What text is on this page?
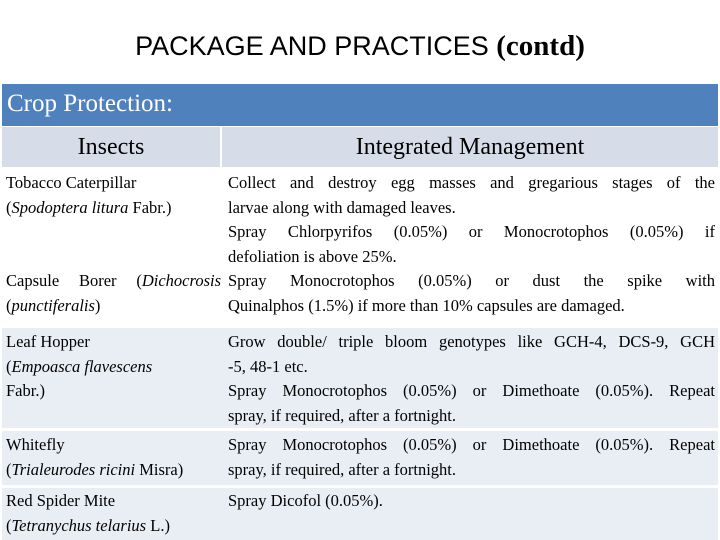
PACKAGE AND PRACTICES (contd)
Crop Protection:
Insects	Integrated Management
Tobacco Caterpillar
(Spodoptera litura Fabr.)
Collect and destroy egg masses and gregarious stages of the
larvae along with damaged leaves.
Spray Chlorpyrifos (0.05%) or Monocrotophos (0.05%) if
defoliation is above 25%.
Capsule Borer (Dichocrosis
(punctiferalis)
Spray Monocrotophos (0.05%) or dust the spike with
Quinalphos (1.5%) if more than 10% capsules are damaged.
Leaf Hopper
(Empoasca flavescens
Fabr.)
Grow double/ triple bloom genotypes like GCH-4, DCS-9, GCH
-5, 48-1 etc.
Spray Monocrotophos (0.05%) or Dimethoate (0.05%). Repeat
spray, if required, after a fortnight.
Whitefly
(Trialeurodes ricini Misra)
Spray Monocrotophos (0.05%) or Dimethoate (0.05%). Repeat
spray, if required, after a fortnight.
Red Spider Mite
(Tetranychus telarius L.)
Spray Dicofol (0.05%).
